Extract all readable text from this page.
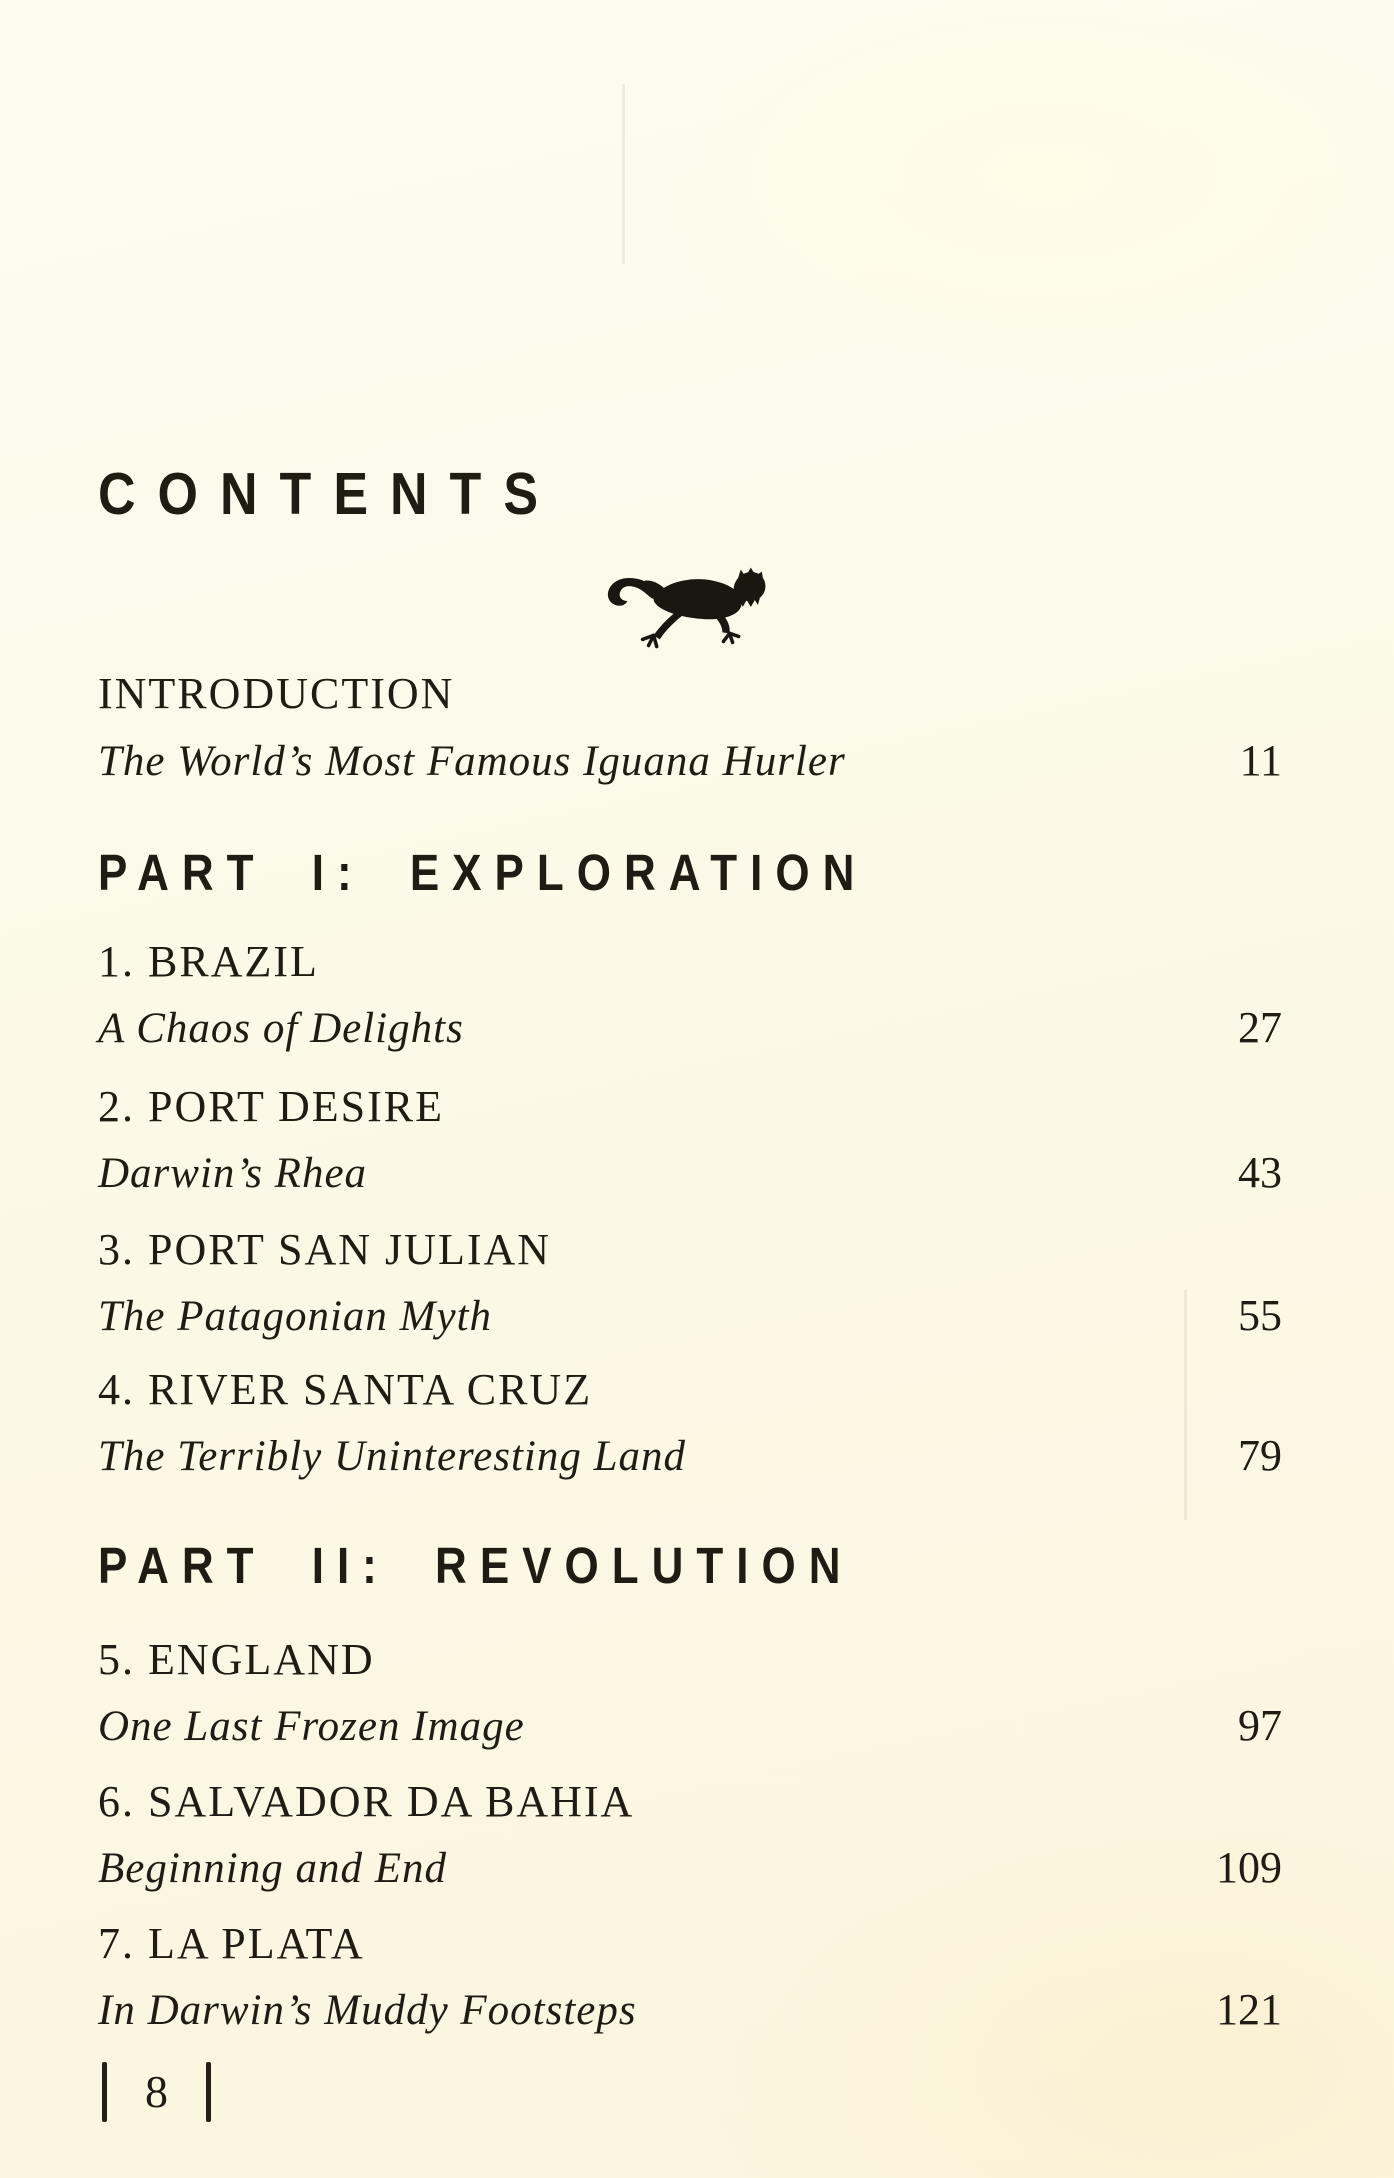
CONTENTS
INTRODUCTION
The World’s Most Famous Iguana Hurler	11
PART I: EXPLORATION
1. BRAZIL
A Chaos of Delights	27
2. PORT DESIRE
Darwin’s Rhea	43
3. PORT SAN JULIAN
The Patagonian Myth	55
4. RIVER SANTA CRUZ
The Terribly Uninteresting Land	79
PART II: REVOLUTION
5. ENGLAND
One Last Frozen Image	97
6. SALVADOR DA BAHIA
Beginning and End	109
7. LA PLATA
In Darwin’s Muddy Footsteps	121
8
